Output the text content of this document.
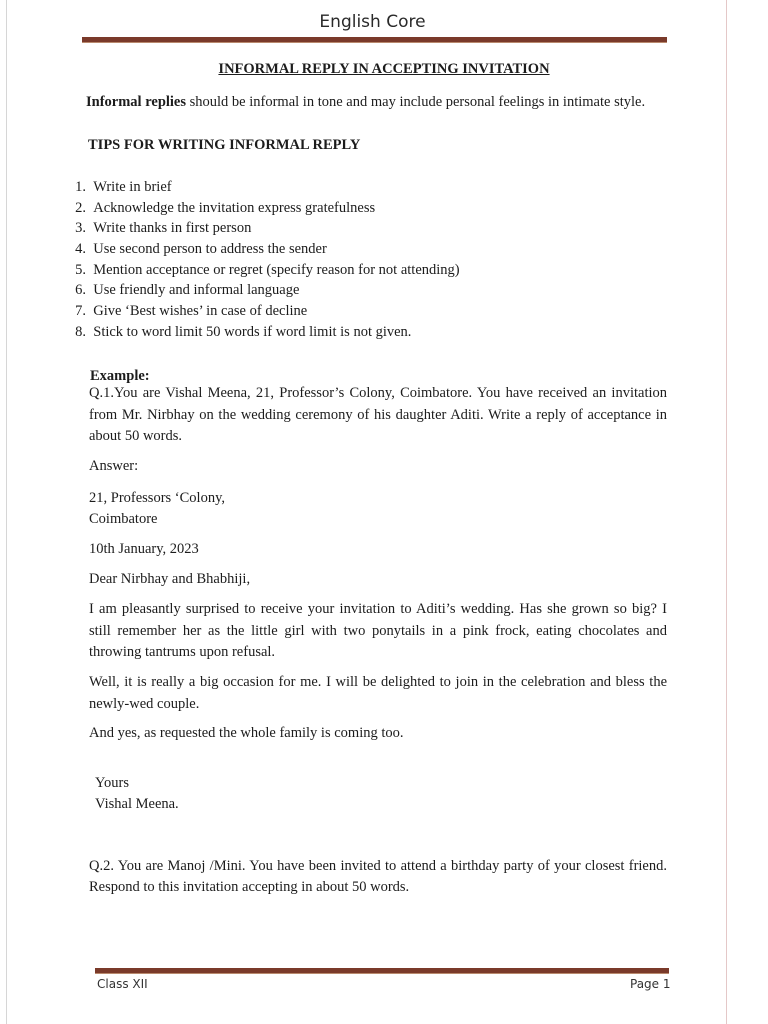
English Core
INFORMAL REPLY IN ACCEPTING INVITATION
Informal replies should be informal in tone and may include personal feelings in intimate style.
TIPS FOR WRITING INFORMAL REPLY
1.
Write in brief
2.
Acknowledge the invitation express gratefulness
3.
Write thanks in first person
4.
Use second person to address the sender
5.
Mention acceptance or regret (specify reason for not attending)
6.
Use friendly and informal language
7.
Give ‘Best wishes’ in case of decline
8.
Stick to word limit 50 words if word limit is not given.
Example:
Q.1.You are Vishal Meena, 21, Professor’s Colony, Coimbatore. You have received an invitation from Mr. Nirbhay on the wedding ceremony of his daughter Aditi. Write a reply of acceptance in about 50 words.
Answer:
21, Professors ‘Colony,
Coimbatore
10th January, 2023
Dear Nirbhay and Bhabhiji,
I am pleasantly surprised to receive your invitation to Aditi’s wedding. Has she grown so big? I still remember her as the little girl with two ponytails in a pink frock, eating chocolates and throwing tantrums upon refusal.
Well, it is really a big occasion for me. I will be delighted to join in the celebration and bless the newly-wed couple.
And yes, as requested the whole family is coming too.
Yours
Vishal Meena.
Q.2. You are Manoj /Mini. You have been invited to attend a birthday party of your closest friend. Respond to this invitation accepting in about 50 words.
Class XII	Page 1
